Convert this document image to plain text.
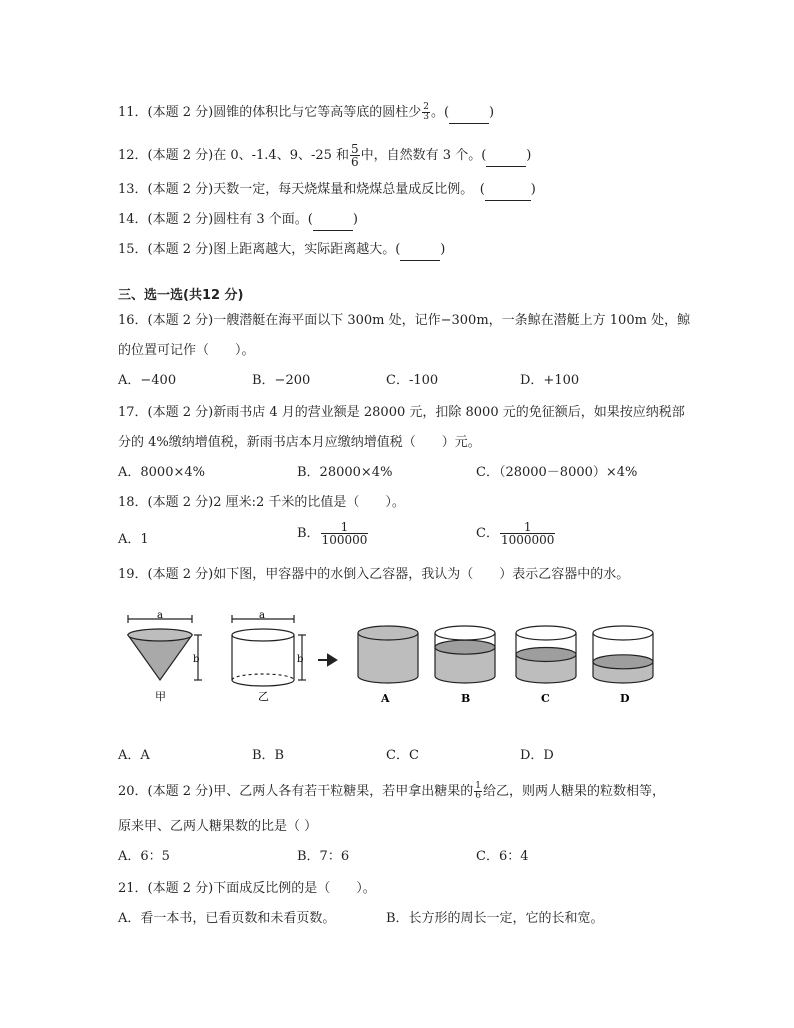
11．(本题 2 分)圆锥的体积比与它等高等底的圆柱少 $\frac{2}{3}$ 。(	)
12．(本题 2 分)在 0、-1.4、9、-25 和 $\frac{5}{6}$ 中，自然数有 3 个。(	)
13．(本题 2 分)天数一定，每天烧煤量和烧煤总量成反比例。　(	)
14．(本题 2 分)圆柱有 3 个面。(	)
15．(本题 2 分)图上距离越大，实际距离越大。(	)
三、选一选(共12 分)
16．(本题 2 分)一艘潜艇在海平面以下 300m 处，记作−300m，一条鲸在潜艇上方 100m 处，鲸
的位置可记作（　　）。
A．−400	B．−200	C．-100	D．+100
17．(本题 2 分)新雨书店 4 月的营业额是 28000 元，扣除 8000 元的免征额后，如果按应纳税部
分的 4%缴纳增值税，新雨书店本月应缴纳增值税（　　）元。
A．8000×4%	B．28000×4%	C．（28000－8000）×4%
18．(本题 2 分)2 厘米:2 千米的比值是（　　）。
A．1	B． $\frac{1}{100000}$	C． $\frac{1}{1000000}$
19．(本题 2 分)如下图，甲容器中的水倒入乙容器，我认为（　　）表示乙容器中的水。
a
b
甲
a
b
乙	A	B	C	D
A．A	B．B	C．C	D．D
20．(本题 2 分)甲、乙两人各有若干粒糖果，若甲拿出糖果的 $\frac{1}{6}$ 给乙，则两人糖果的粒数相等，
原来甲、乙两人糖果数的比是（ ）
A．6：5	B．7：6	C．6：4
21．(本题 2 分)下面成反比例的是（　　）。
A．看一本书，已看页数和未看页数。	B．长方形的周长一定，它的长和宽。
